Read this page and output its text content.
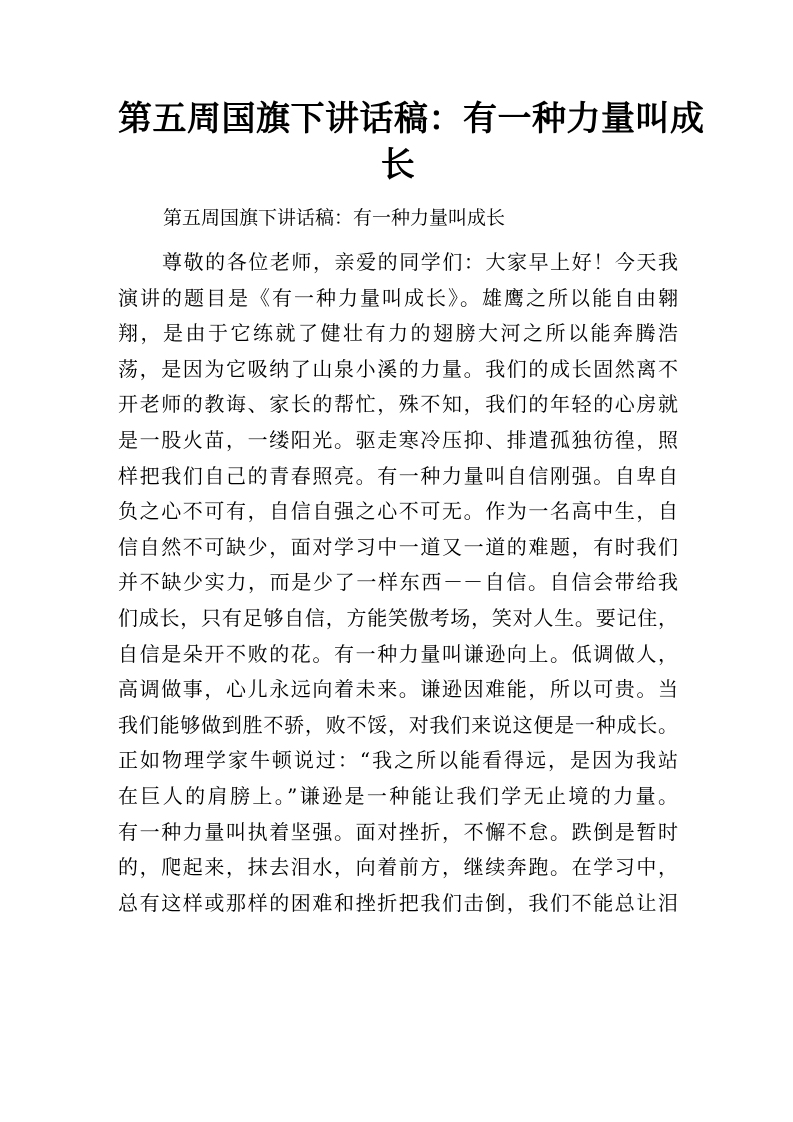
第五周国旗下讲话稿：有一种力量叫成
长
第五周国旗下讲话稿：有一种力量叫成长
尊敬的各位老师，亲爱的同学们：大家早上好！今天我
演讲的题目是《有一种力量叫成长》。雄鹰之所以能自由翱
翔，是由于它练就了健壮有力的翅膀大河之所以能奔腾浩
荡，是因为它吸纳了山泉小溪的力量。我们的成长固然离不
开老师的教诲、家长的帮忙，殊不知，我们的年轻的心房就
是一股火苗，一缕阳光。驱走寒冷压抑、排遣孤独彷徨，照
样把我们自己的青春照亮。有一种力量叫自信刚强。自卑自
负之心不可有，自信自强之心不可无。作为一名高中生，自
信自然不可缺少，面对学习中一道又一道的难题，有时我们
并不缺少实力，而是少了一样东西－－自信。自信会带给我
们成长，只有足够自信，方能笑傲考场，笑对人生。要记住，
自信是朵开不败的花。有一种力量叫谦逊向上。低调做人，
高调做事，心儿永远向着未来。谦逊因难能，所以可贵。当
我们能够做到胜不骄，败不馁，对我们来说这便是一种成长。
正如物理学家牛顿说过：“我之所以能看得远，是因为我站
在巨人的肩膀上。”谦逊是一种能让我们学无止境的力量。
有一种力量叫执着坚强。面对挫折，不懈不怠。跌倒是暂时
的，爬起来，抹去泪水，向着前方，继续奔跑。在学习中，
总有这样或那样的困难和挫折把我们击倒，我们不能总让泪
